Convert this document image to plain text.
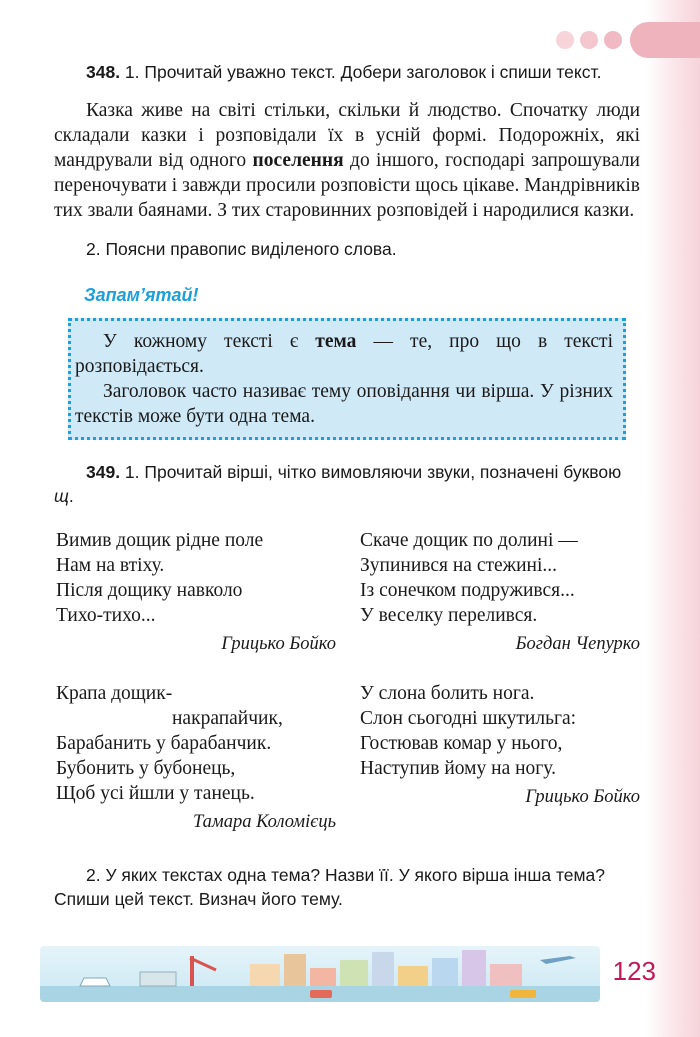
348. 1. Прочитай уважно текст. Добери заголовок і спиши текст.

Казка живе на світі стільки, скільки й людство. Спочатку люди складали казки і розповідали їх в усній формі. Подорожніх, які мандрували від одного поселення до іншого, господарі запрошували переночувати і завжди просили розповісти щось цікаве. Мандрівників тих звали баянами. З тих старовинних розповідей і народилися казки.

2. Поясни правопис виділеного слова.

Запам’ятай!

У кожному тексті є тема — те, про що в тексті розповідається.

Заголовок часто називає тему оповідання чи вірша. У різних текстів може бути одна тема.

349. 1. Прочитай вірші, чітко вимовляючи звуки, позначені буквою щ.

Вимив дощик рідне поле
Нам на втіху.
Після дощику навколо
Тихо-тихо...
Грицько Бойко
Крапа дощик-
накрапайчик,
Барабанить у барабанчик.
Бубонить у бубонець,
Щоб усі йшли у танець.
Тамара Коломієць
Скаче дощик по долині —
Зупинився на стежині...
Із сонечком подружився...
У веселку перелився.
Богдан Чепурко
У слона болить нога.
Слон сьогодні шкутильга:
Гостював комар у нього,
Наступив йому на ногу.
Грицько Бойко

2. У яких текстах одна тема? Назви її. У якого вірша інша тема? Спиши цей текст. Визнач його тему.

123
